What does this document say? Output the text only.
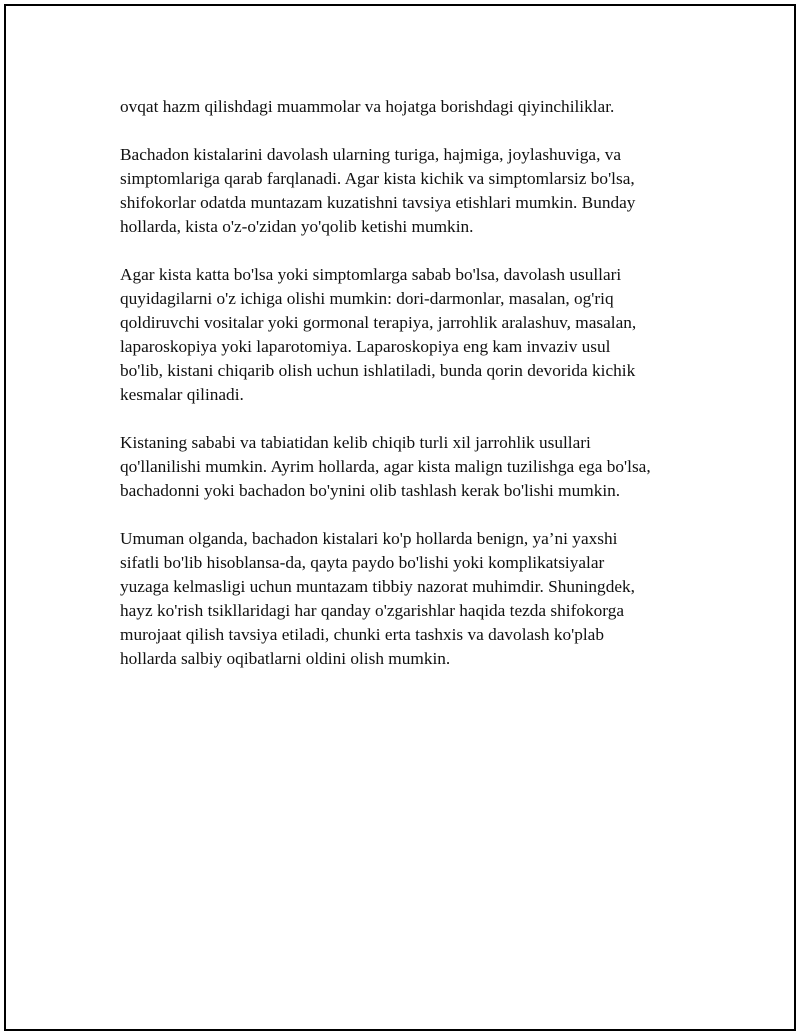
ovqat hazm qilishdagi muammolar va hojatga borishdagi qiyinchiliklar.

Bachadon kistalarini davolash ularning turiga, hajmiga, joylashuviga, va
simptomlariga qarab farqlanadi. Agar kista kichik va simptomlarsiz bo'lsa,
shifokorlar odatda muntazam kuzatishni tavsiya etishlari mumkin. Bunday
hollarda, kista o'z-o'zidan yo'qolib ketishi mumkin.

Agar kista katta bo'lsa yoki simptomlarga sabab bo'lsa, davolash usullari
quyidagilarni o'z ichiga olishi mumkin: dori-darmonlar, masalan, og'riq
qoldiruvchi vositalar yoki gormonal terapiya, jarrohlik aralashuv, masalan,
laparoskopiya yoki laparotomiya. Laparoskopiya eng kam invaziv usul
bo'lib, kistani chiqarib olish uchun ishlatiladi, bunda qorin devorida kichik
kesmalar qilinadi.

Kistaning sababi va tabiatidan kelib chiqib turli xil jarrohlik usullari
qo'llanilishi mumkin. Ayrim hollarda, agar kista malign tuzilishga ega bo'lsa,
bachadonni yoki bachadon bo'ynini olib tashlash kerak bo'lishi mumkin.

Umuman olganda, bachadon kistalari ko'p hollarda benign, ya’ni yaxshi
sifatli bo'lib hisoblansa-da, qayta paydo bo'lishi yoki komplikatsiyalar
yuzaga kelmasligi uchun muntazam tibbiy nazorat muhimdir. Shuningdek,
hayz ko'rish tsikllaridagi har qanday o'zgarishlar haqida tezda shifokorga
murojaat qilish tavsiya etiladi, chunki erta tashxis va davolash ko'plab
hollarda salbiy oqibatlarni oldini olish mumkin.
